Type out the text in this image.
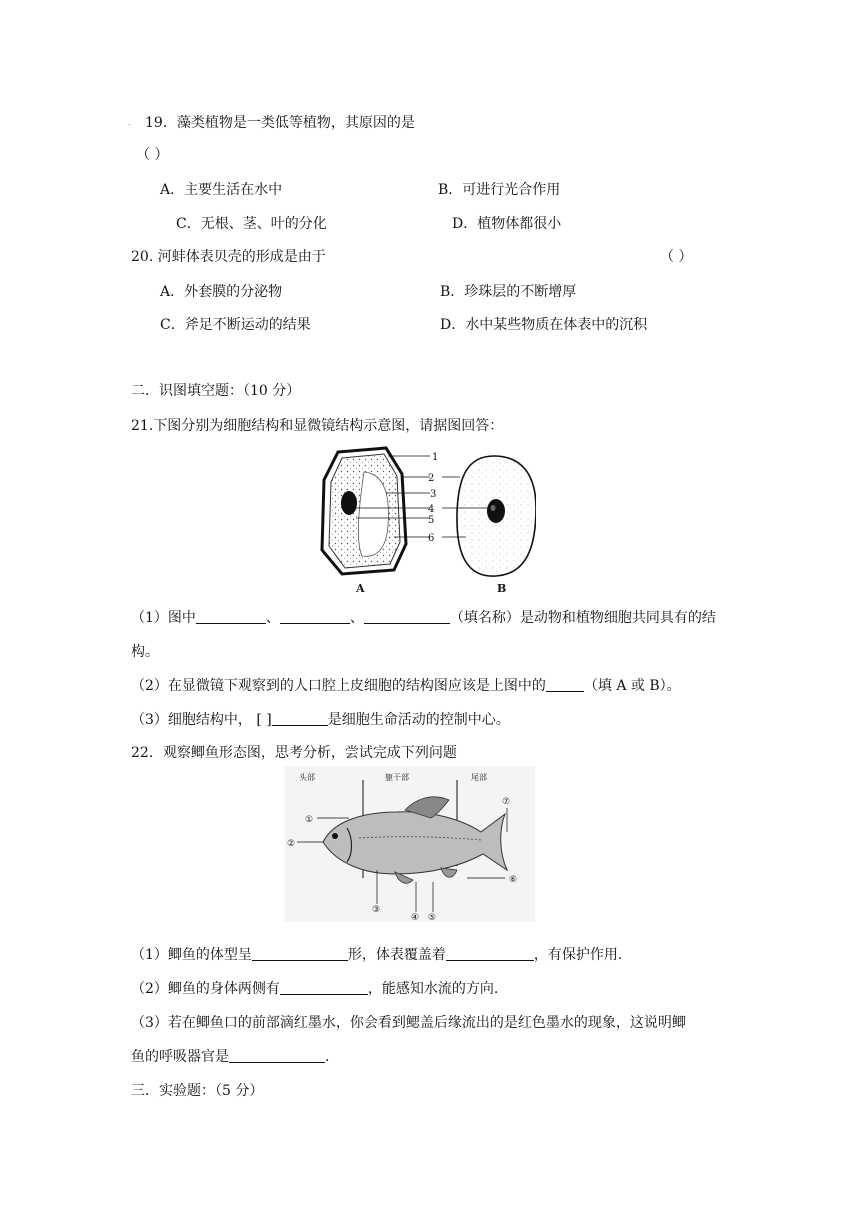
- 19．藻类植物是一类低等植物，其原因的是
（ ）
A．主要生活在水中	B．可进行光合作用
C．无根、茎、叶的分化	D．植物体都很小
20. 河蚌体表贝壳的形成是由于	（ ）
A．外套膜的分泌物	B．珍珠层的不断增厚
C．斧足不断运动的结果	D．水中某些物质在体表中的沉积
二．识图填空题：（10 分）
21.下图分别为细胞结构和显微镜结构示意图，请据图回答：
1
2
3
4
5
6
A	B
（1）图中	、	、	（填名称）是动物和植物细胞共同具有的结
构。
（2）在显微镜下观察到的人口腔上皮细胞的结构图应该是上图中的	（填 A 或 B）。
（3）细胞结构中， [ ]	是细胞生命活动的控制中心。
22．观察鲫鱼形态图，思考分析，尝试完成下列问题
头部	躯干部	尾部
①
②
③
④ ⑤
⑥
⑦
（1）鲫鱼的体型呈	形，体表覆盖着	，有保护作用.
（2）鲫鱼的身体两侧有	，能感知水流的方向.
（3）若在鲫鱼口的前部滴红墨水，你会看到鳃盖后缘流出的是红色墨水的现象，这说明鲫
鱼的呼吸器官是	.
三．实验题：（5 分）
